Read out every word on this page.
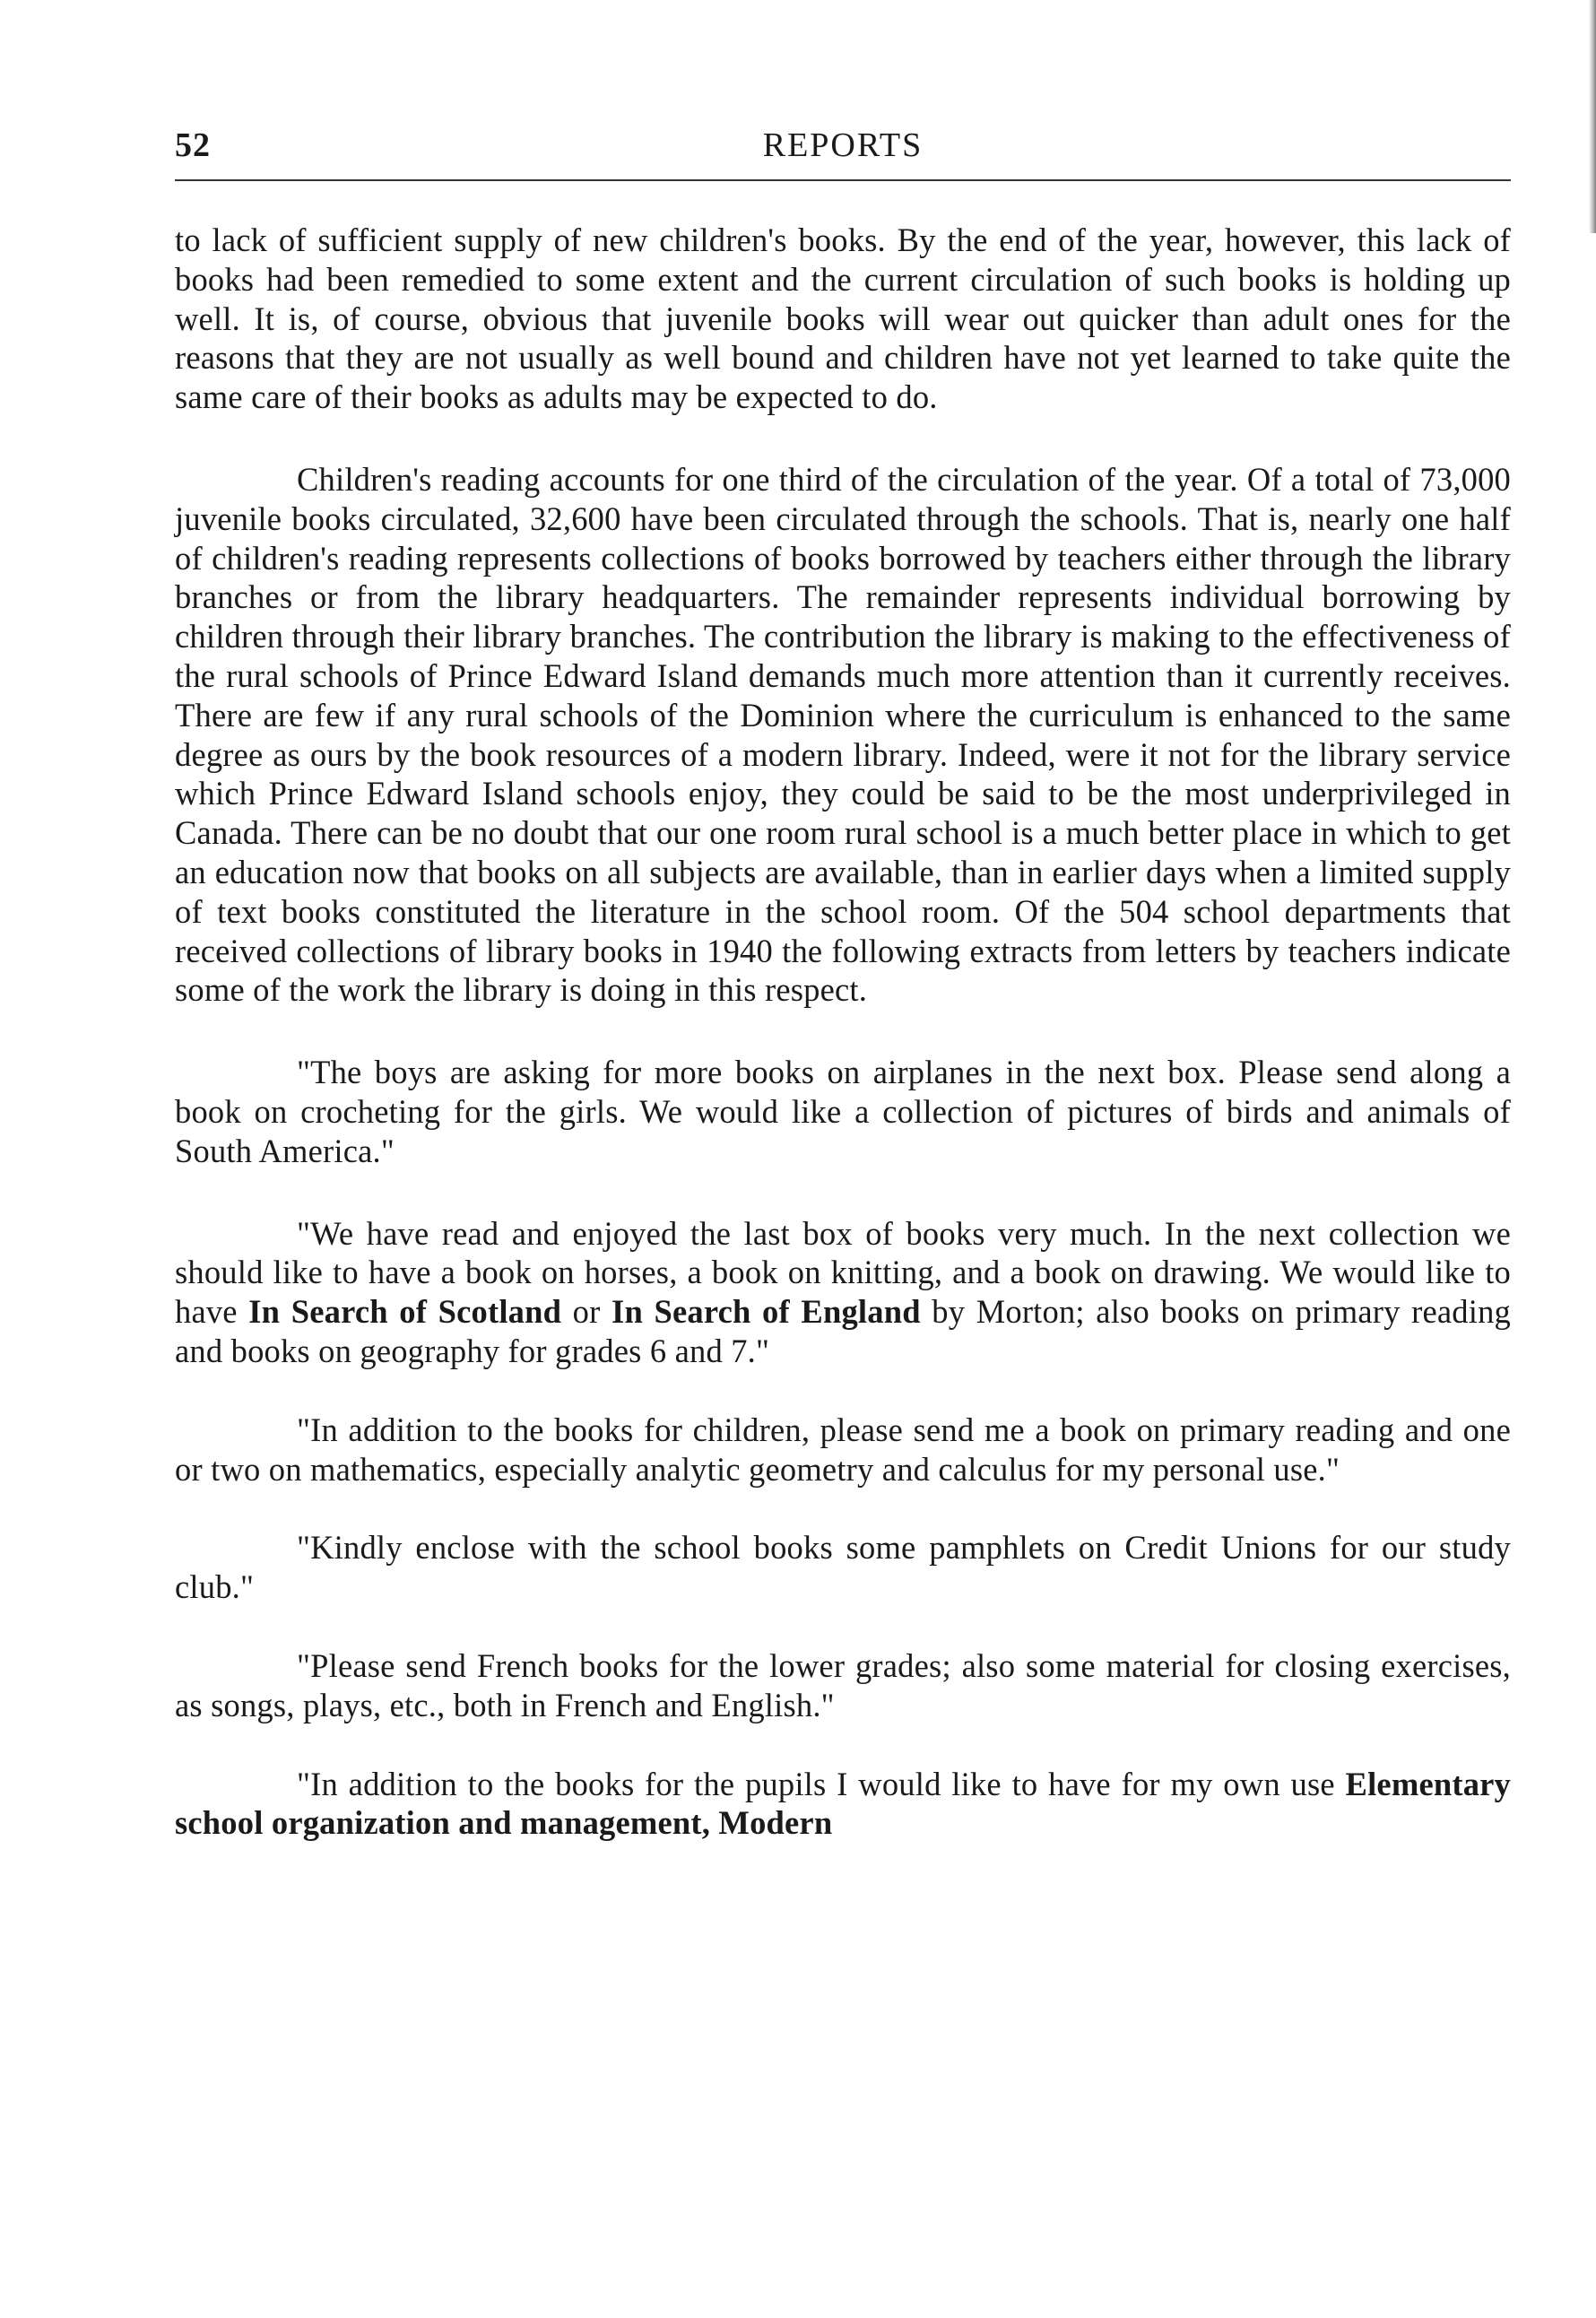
52	REPORTS

to lack of sufficient supply of new children's books. By the end of the year, however, this lack of books had been remedied to some extent and the current circulation of such books is holding up well. It is, of course, obvious that juvenile books will wear out quicker than adult ones for the reasons that they are not usually as well bound and children have not yet learned to take quite the same care of their books as adults may be expected to do.

Children's reading accounts for one third of the circulation of the year. Of a total of 73,000 juvenile books circulated, 32,600 have been circulated through the schools. That is, nearly one half of children's reading represents collections of books borrowed by teachers either through the library branches or from the library headquarters. The remainder represents individual borrowing by children through their library branches. The contribution the library is making to the effectiveness of the rural schools of Prince Edward Island demands much more attention than it currently receives. There are few if any rural schools of the Dominion where the curriculum is enhanced to the same degree as ours by the book resources of a modern library. Indeed, were it not for the library service which Prince Edward Island schools enjoy, they could be said to be the most underprivileged in Canada. There can be no doubt that our one room rural school is a much better place in which to get an education now that books on all subjects are available, than in earlier days when a limited supply of text books constituted the literature in the school room. Of the 504 school departments that received collections of library books in 1940 the following extracts from letters by teachers indicate some of the work the library is doing in this respect.

"The boys are asking for more books on airplanes in the next box. Please send along a book on crocheting for the girls. We would like a collection of pictures of birds and animals of South America."

"We have read and enjoyed the last box of books very much. In the next collection we should like to have a book on horses, a book on knitting, and a book on drawing. We would like to have In Search of Scotland or In Search of England by Morton; also books on primary reading and books on geography for grades 6 and 7."

"In addition to the books for children, please send me a book on primary reading and one or two on mathematics, especially analytic geometry and calculus for my personal use."

"Kindly enclose with the school books some pamphlets on Credit Unions for our study club."

"Please send French books for the lower grades; also some material for closing exercises, as songs, plays, etc., both in French and English."

"In addition to the books for the pupils I would like to have for my own use Elementary school organization and management, Modern
